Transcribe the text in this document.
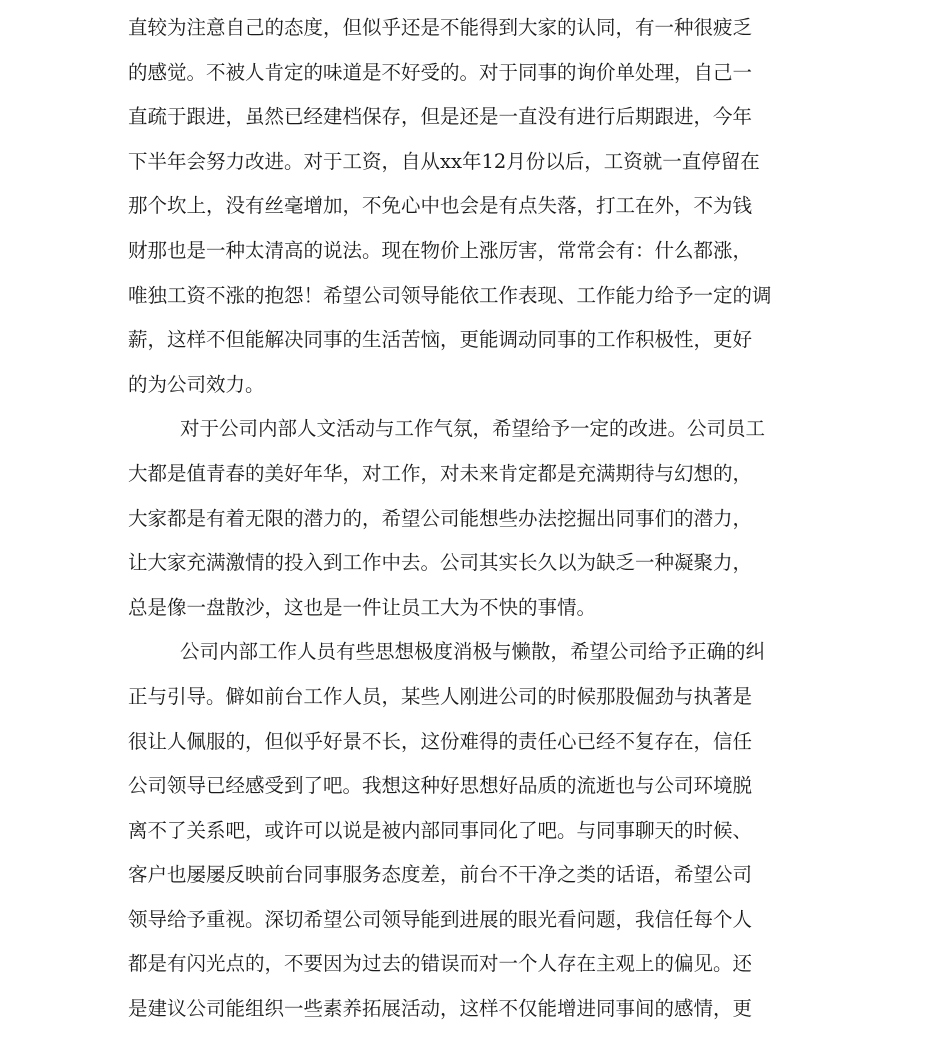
直较为注意自己的态度，但似乎还是不能得到大家的认同，有一种很疲乏
的感觉。不被人肯定的味道是不好受的。对于同事的询价单处理，自己一
直疏于跟进，虽然已经建档保存，但是还是一直没有进行后期跟进，今年
下半年会努力改进。对于工资，自从xx年12月份以后，工资就一直停留在
那个坎上，没有丝毫增加，不免心中也会是有点失落，打工在外，不为钱
财那也是一种太清高的说法。现在物价上涨厉害，常常会有：什么都涨，
唯独工资不涨的抱怨！希望公司领导能依工作表现、工作能力给予一定的调
薪，这样不但能解决同事的生活苦恼，更能调动同事的工作积极性，更好
的为公司效力。
对于公司内部人文活动与工作气氛，希望给予一定的改进。公司员工
大都是值青春的美好年华，对工作，对未来肯定都是充满期待与幻想的，
大家都是有着无限的潜力的，希望公司能想些办法挖掘出同事们的潜力，
让大家充满激情的投入到工作中去。公司其实长久以为缺乏一种凝聚力，
总是像一盘散沙，这也是一件让员工大为不快的事情。
公司内部工作人员有些思想极度消极与懒散，希望公司给予正确的纠
正与引导。僻如前台工作人员，某些人刚进公司的时候那股倔劲与执著是
很让人佩服的，但似乎好景不长，这份难得的责任心已经不复存在，信任
公司领导已经感受到了吧。我想这种好思想好品质的流逝也与公司环境脱
离不了关系吧，或许可以说是被内部同事同化了吧。与同事聊天的时候、
客户也屡屡反映前台同事服务态度差，前台不干净之类的话语，希望公司
领导给予重视。深切希望公司领导能到进展的眼光看问题，我信任每个人
都是有闪光点的，不要因为过去的错误而对一个人存在主观上的偏见。还
是建议公司能组织一些素养拓展活动，这样不仅能增进同事间的感情，更
